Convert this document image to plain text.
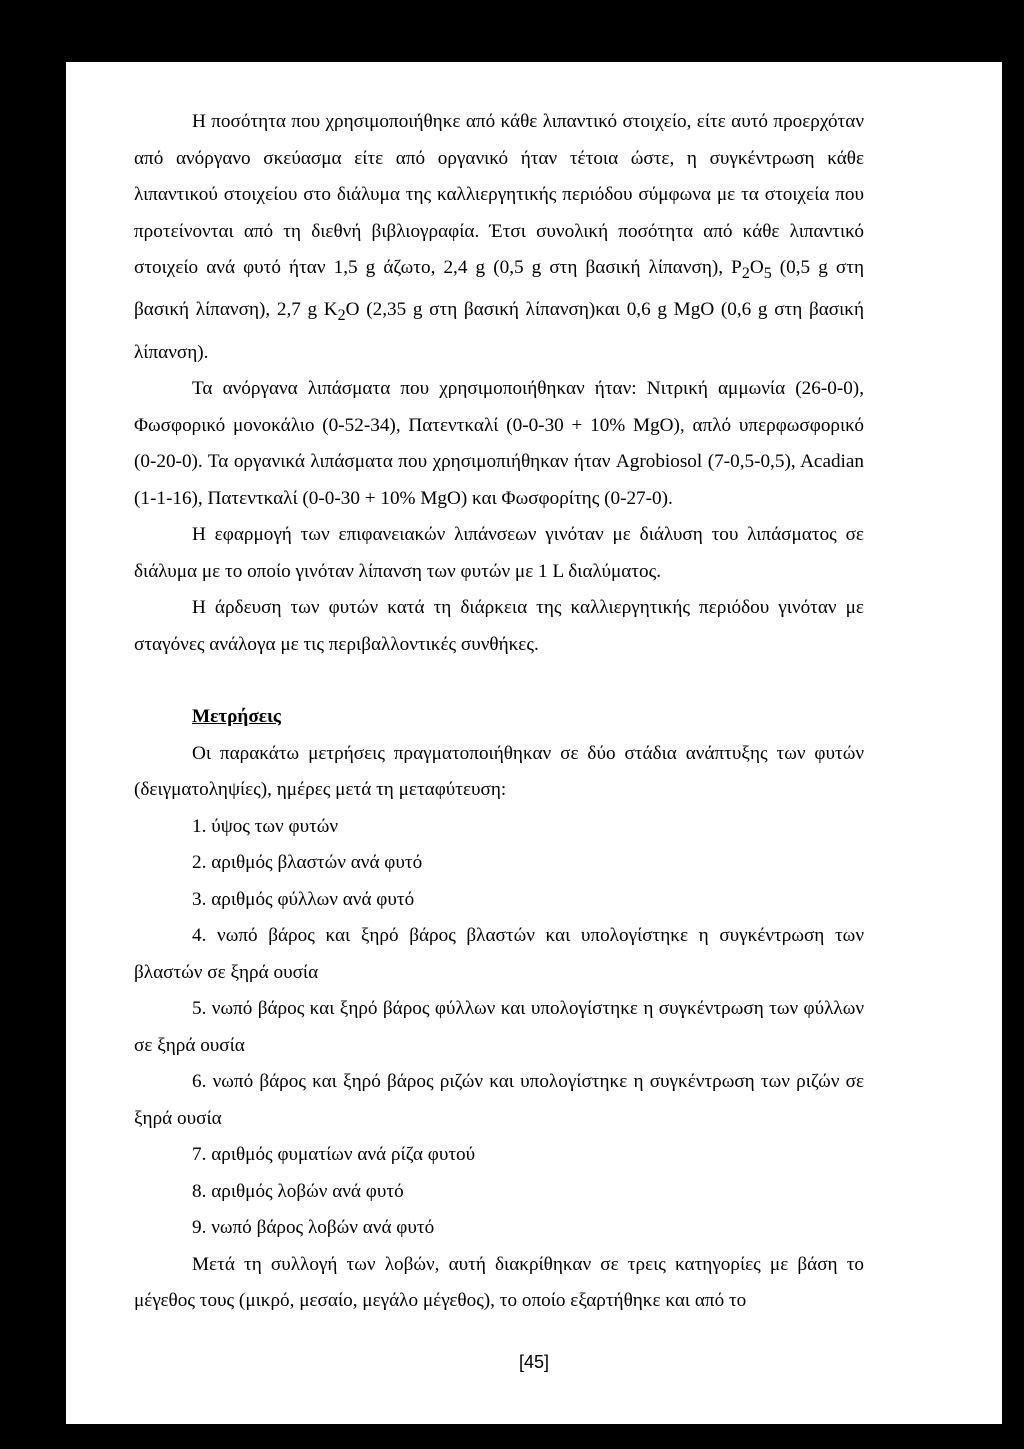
Η ποσότητα που χρησιμοποιήθηκε από κάθε λιπαντικό στοιχείο, είτε αυτό προερχόταν από ανόργανο σκεύασμα είτε από οργανικό ήταν τέτοια ώστε, η συγκέντρωση κάθε λιπαντικού στοιχείου στο διάλυμα της καλλιεργητικής περιόδου σύμφωνα με τα στοιχεία που προτείνονται από τη διεθνή βιβλιογραφία. Έτσι συνολική ποσότητα από κάθε λιπαντικό στοιχείο ανά φυτό ήταν 1,5 g άζωτο, 2,4 g (0,5 g στη βασική λίπανση), $P_2O_5$ (0,5 g στη βασική λίπανση), 2,7 g $K_2O$ (2,35 g στη βασική λίπανση)και 0,6 g MgO (0,6 g στη βασική λίπανση).

Τα ανόργανα λιπάσματα που χρησιμοποιήθηκαν ήταν: Νιτρική αμμωνία (26-0-0), Φωσφορικό μονοκάλιο (0-52-34), Πατεντκαλί (0-0-30 + 10% MgO), απλό υπερφωσφορικό (0-20-0). Τα οργανικά λιπάσματα που χρησιμοπιήθηκαν ήταν Agrobiosol (7-0,5-0,5), Acadian (1-1-16), Πατεντκαλί (0-0-30 + 10% MgO) και Φωσφορίτης (0-27-0).

Η εφαρμογή των επιφανειακών λιπάνσεων γινόταν με διάλυση του λιπάσματος σε διάλυμα με το οποίο γινόταν λίπανση των φυτών με 1 L διαλύματος.

Η άρδευση των φυτών κατά τη διάρκεια της καλλιεργητικής περιόδου γινόταν με σταγόνες ανάλογα με τις περιβαλλοντικές συνθήκες.

Μετρήσεις

Οι παρακάτω μετρήσεις πραγματοποιήθηκαν σε δύο στάδια ανάπτυξης των φυτών (δειγματοληψίες), ημέρες μετά τη μεταφύτευση:

1. ύψος των φυτών
2. αριθμός βλαστών ανά φυτό
3. αριθμός φύλλων ανά φυτό

4. νωπό βάρος και ξηρό βάρος βλαστών και υπολογίστηκε η συγκέντρωση των βλαστών σε ξηρά ουσία

5. νωπό βάρος και ξηρό βάρος φύλλων και υπολογίστηκε η συγκέντρωση των φύλλων σε ξηρά ουσία

6. νωπό βάρος και ξηρό βάρος ριζών και υπολογίστηκε η συγκέντρωση των ριζών σε ξηρά ουσία

7. αριθμός φυματίων ανά ρίζα φυτού
8. αριθμός λοβών ανά φυτό
9. νωπό βάρος λοβών ανά φυτό

Μετά τη συλλογή των λοβών, αυτή διακρίθηκαν σε τρεις κατηγορίες με βάση το μέγεθος τους (μικρό, μεσαίο, μεγάλο μέγεθος), το οποίο εξαρτήθηκε και από το

[45]
